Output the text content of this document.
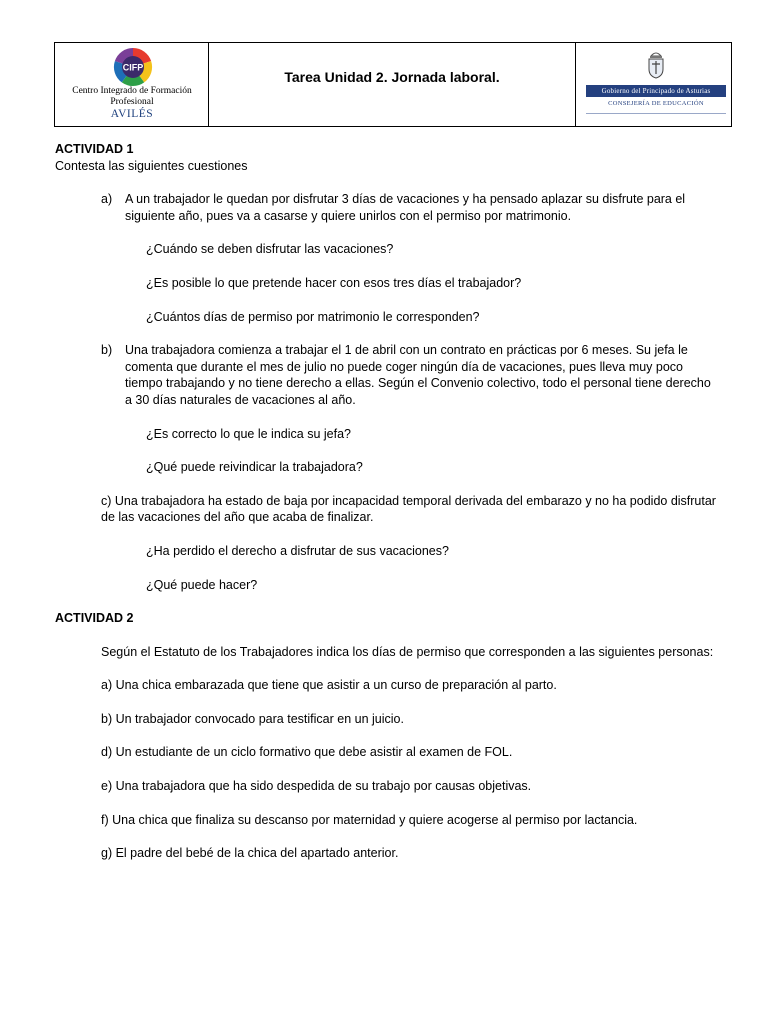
CIFP
Centro Integrado de Formación
Profesional
AVILÉS
Tarea Unidad 2. Jornada laboral.
Gobierno del Principado de Asturias
CONSEJERÍA DE EDUCACIÓN

ACTIVIDAD 1

Contesta las siguientes cuestiones

a) A un trabajador le quedan por disfrutar 3 días de vacaciones y ha pensado aplazar su disfrute para el siguiente año, pues va a casarse y quiere unirlos con el permiso por matrimonio.

¿Cuándo se deben disfrutar las vacaciones?

¿Es posible lo que pretende hacer con esos tres días el trabajador?

¿Cuántos días de permiso por matrimonio le corresponden?

b) Una trabajadora comienza a trabajar el 1 de abril con un contrato en prácticas por 6 meses. Su jefa le comenta que durante el mes de julio no puede coger ningún día de vacaciones, pues lleva muy poco tiempo trabajando y no tiene derecho a ellas. Según el Convenio colectivo, todo el personal tiene derecho a 30 días naturales de vacaciones al año.

¿Es correcto lo que le indica su jefa?

¿Qué puede reivindicar la trabajadora?

c) Una trabajadora ha estado de baja por incapacidad temporal derivada del embarazo y no ha podido disfrutar de las vacaciones del año que acaba de finalizar.

¿Ha perdido el derecho a disfrutar de sus vacaciones?

¿Qué puede hacer?

ACTIVIDAD 2

Según el Estatuto de los Trabajadores indica los días de permiso que corresponden a las siguientes personas:

a) Una chica embarazada que tiene que asistir a un curso de preparación al parto.

b) Un trabajador convocado para testificar en un juicio.

d) Un estudiante de un ciclo formativo que debe asistir al examen de FOL.

e) Una trabajadora que ha sido despedida de su trabajo por causas objetivas.

f) Una chica que finaliza su descanso por maternidad y quiere acogerse al permiso por lactancia.

g) El padre del bebé de la chica del apartado anterior.
